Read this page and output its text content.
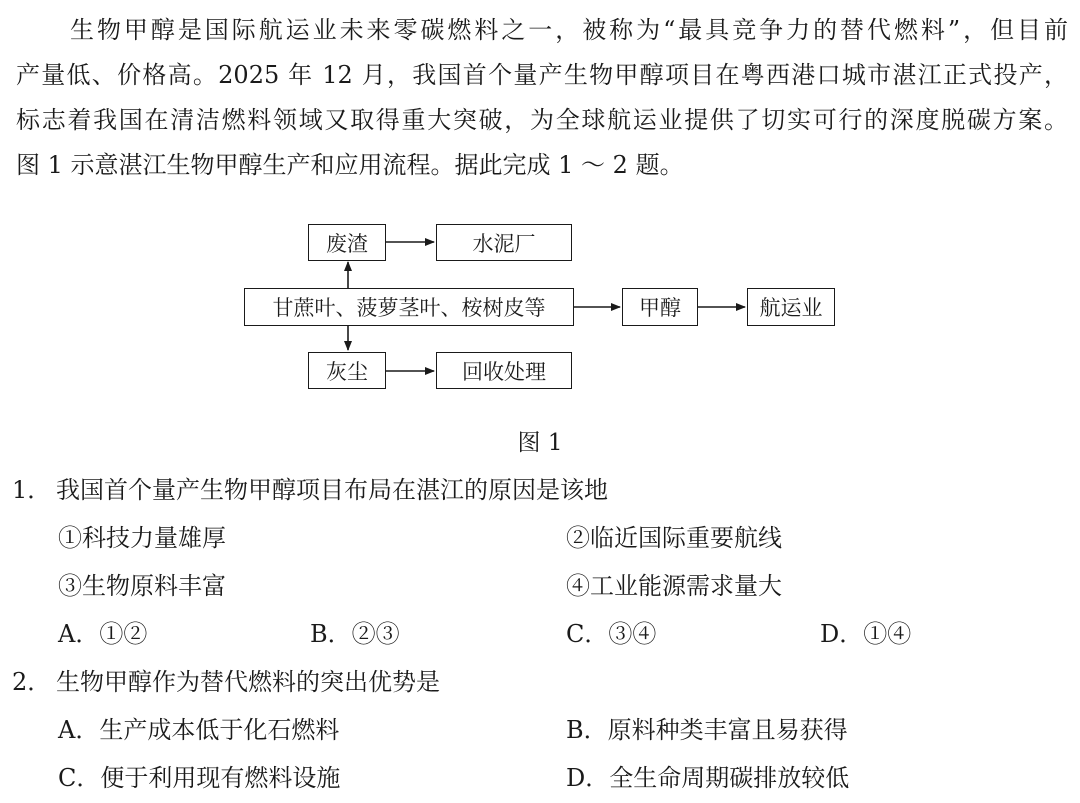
生物甲醇是国际航运业未来零碳燃料之一，被称为“最具竞争力的替代燃料”，但目前
产量低、价格高。2025 年 12 月，我国首个量产生物甲醇项目在粤西港口城市湛江正式投产，
标志着我国在清洁燃料领域又取得重大突破，为全球航运业提供了切实可行的深度脱碳方案。
图 1 示意湛江生物甲醇生产和应用流程。据此完成 1 ～ 2 题。
废渣	水泥厂
甘蔗叶、菠萝茎叶、桉树皮等	甲醇	航运业
灰尘	回收处理
图 1
1． 我国首个量产生物甲醇项目布局在湛江的原因是该地
①科技力量雄厚	②临近国际重要航线
③生物原料丰富	④工业能源需求量大
A．①②	B．②③	C．③④	D．①④
2． 生物甲醇作为替代燃料的突出优势是
A．生产成本低于化石燃料	B．原料种类丰富且易获得
C．便于利用现有燃料设施	D．全生命周期碳排放较低
